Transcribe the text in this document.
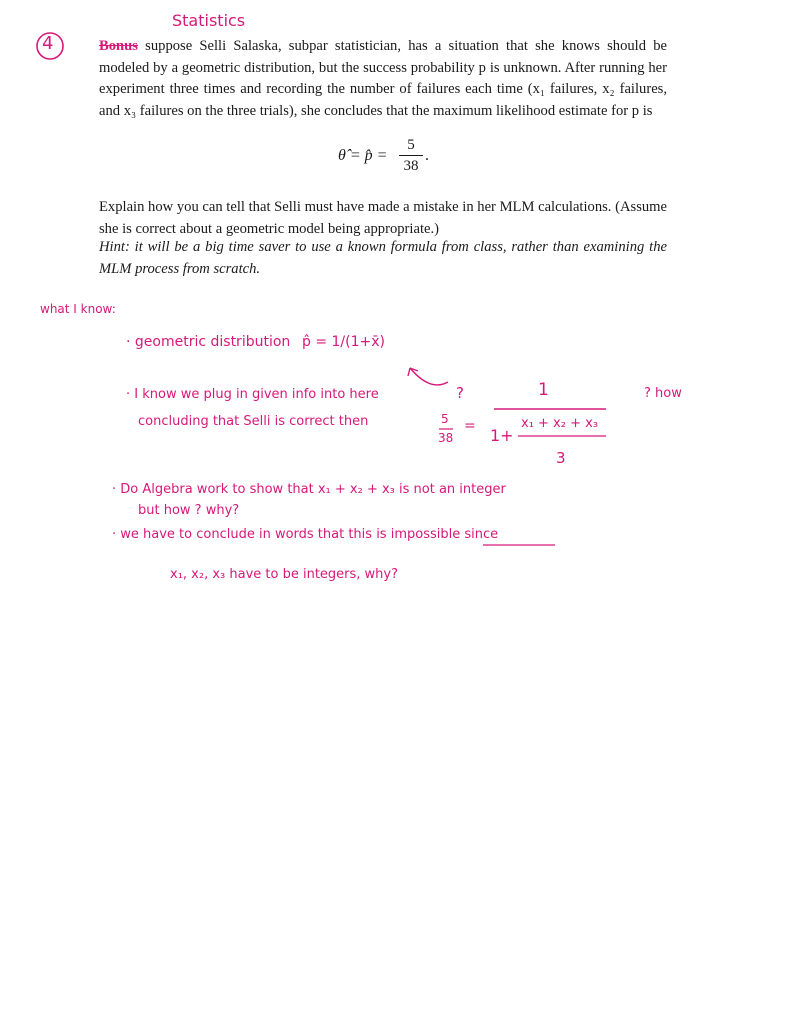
4
Statistics

Bonus suppose Selli Salaska, subpar statistician, has a situation that she knows should be modeled by a geometric distribution, but the success probability p is unknown. After running her experiment three times and recording the number of failures each time (x₁ failures, x₂ failures, and x₃ failures on the three trials), she concludes that the maximum likelihood estimate for p is

θ̂ = p̂ =
5
38
.

Explain how you can tell that Selli must have made a mistake in her MLM calculations. (Assume she is correct about a geometric model being appropriate.)

Hint: it will be a big time saver to use a known formula from class, rather than examining the MLM process from scratch.

what I know:
· geometric distribution p̂ = 1/(1+x̄)
· I know we plug in given info into here	?	? how
1
concluding that Selli is correct then	5
38
= 1+
x₁ + x₂ + x₃
3
· Do Algebra work to show that x₁ + x₂ + x₃ is not an integer
but how ? why?
· we have to conclude in words that this is impossible since
x₁, x₂, x₃ have to be integers, why?
